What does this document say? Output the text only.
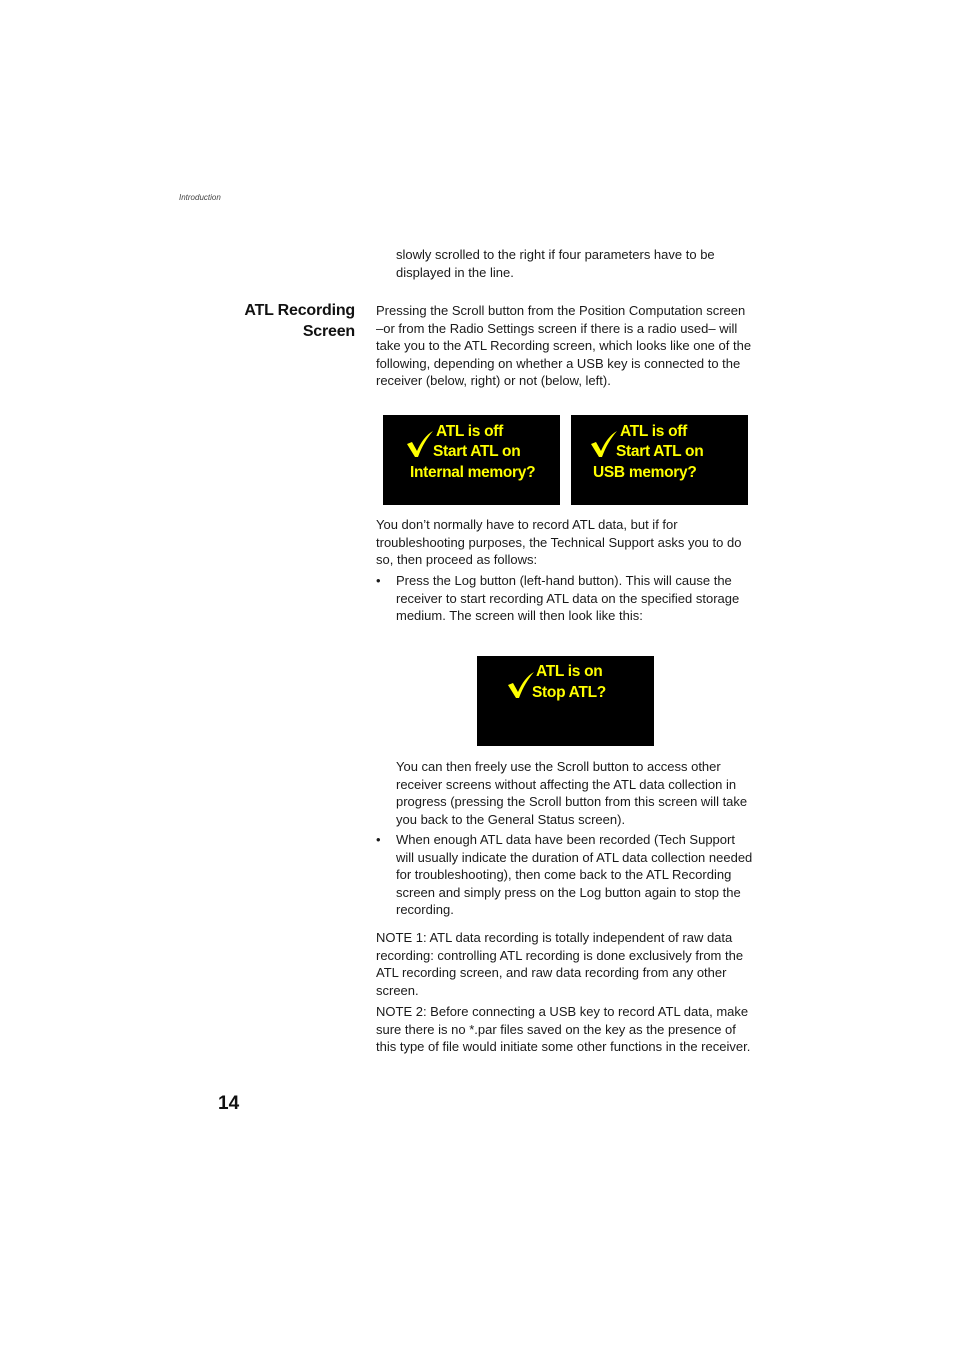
Introduction

slowly scrolled to the right if four parameters have to be displayed in the line.

ATL Recording
Screen

Pressing the Scroll button from the Position Computation screen –or from the Radio Settings screen if there is a radio used– will take you to the ATL Recording screen, which looks like one of the following, depending on whether a USB key is connected to the receiver (below, right) or not (below, left).

ATL is off
Start ATL on
Internal memory?
ATL is off
Start ATL on
USB memory?

You don’t normally have to record ATL data, but if for troubleshooting purposes, the Technical Support asks you to do so, then proceed as follows:

• Press the Log button (left-hand button). This will cause the receiver to start recording ATL data on the specified storage medium. The screen will then look like this:

ATL is on
Stop ATL?

You can then freely use the Scroll button to access other receiver screens without affecting the ATL data collection in progress (pressing the Scroll button from this screen will take you back to the General Status screen).

• When enough ATL data have been recorded (Tech Support will usually indicate the duration of ATL data collection needed for troubleshooting), then come back to the ATL Recording screen and simply press on the Log button again to stop the recording.

NOTE 1: ATL data recording is totally independent of raw data recording: controlling ATL recording is done exclusively from the ATL recording screen, and raw data recording from any other screen.

NOTE 2: Before connecting a USB key to record ATL data, make sure there is no *.par files saved on the key as the presence of this type of file would initiate some other functions in the receiver.

14
